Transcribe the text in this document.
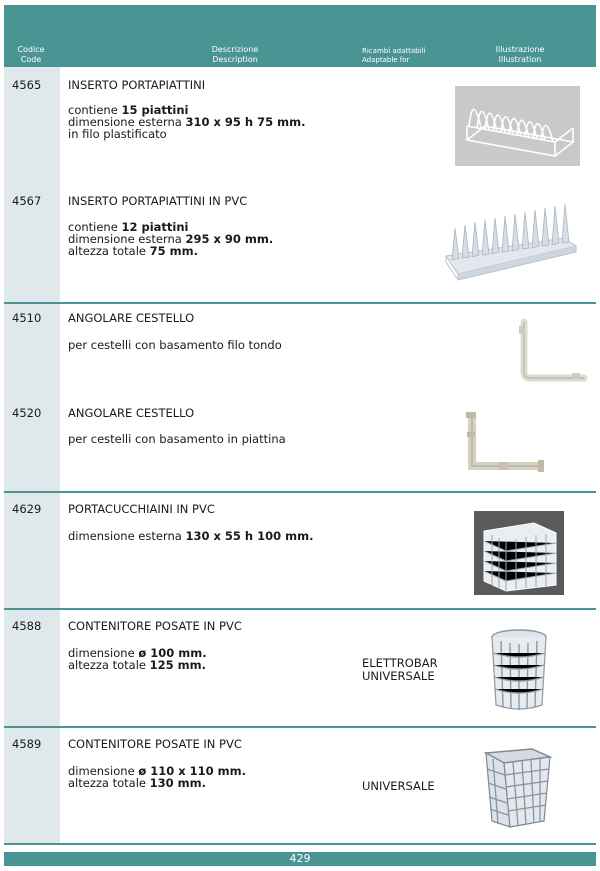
Codice
Code
Descrizione
Description
Ricambi adattabili
Adaptable for
Illustrazione
Illustration
4565 INSERTO PORTAPIATTINI
contiene 15 piattini
dimensione esterna 310 x 95 h 75 mm.
in filo plastificato
4567 INSERTO PORTAPIATTINI IN PVC
contiene 12 piattini
dimensione esterna 295 x 90 mm.
altezza totale 75 mm.
4510 ANGOLARE CESTELLO
per cestelli con basamento filo tondo
4520 ANGOLARE CESTELLO
per cestelli con basamento in piattina
4629 PORTACUCCHIAINI IN PVC
dimensione esterna 130 x 55 h 100 mm.
4588 CONTENITORE POSATE IN PVC
dimensione ø 100 mm.
altezza totale 125 mm.	ELETTROBAR
UNIVERSALE
4589 CONTENITORE POSATE IN PVC
dimensione ø 110 x 110 mm.
altezza totale 130 mm.	UNIVERSALE
429
